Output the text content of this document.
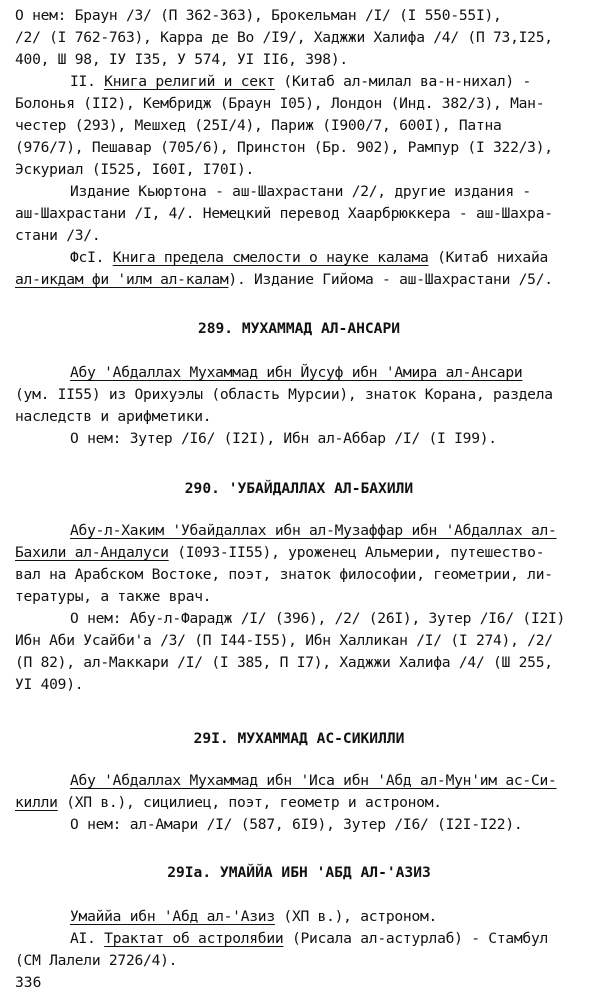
О нем: Браун /3/ (П 362-363), Брокельман /I/ (I 550-55I),
/2/ (I 762-763), Карра де Во /I9/, Хаджжи Халифа /4/ (П 73,I25,
400, Ш 98, IУ I35, У 574, УI II6, 398).
II. Книга религий и сект (Китаб ал-милал ва-н-ниxал) -
Болонья (II2), Кембридж (Браун I05), Лондон (Инд. 382/3), Ман-
честер (293), Мешхед (25I/4), Париж (I900/7, 600I), Патна
(976/7), Пешавар (705/6), Принстон (Бр. 902), Рампур (I 322/3),
Эскуриал (I525, I60I, I70I).
Издание Кьюртона - аш-Шахрастани /2/, другие издания -
аш-Шахрастани /I, 4/. Немецкий перевод Хаарбрюккера - аш-Шахра-
стани /3/.
ФсI. Книга предела смелости о науке калама (Китаб нихайа
ал-икдам фи 'илм ал-калам). Издание Гийома - аш-Шахрастани /5/.
289. МУХАММАД АЛ-АНСАРИ
Абу 'Абдаллах Мухаммад ибн Йусуф ибн 'Амира ал-Ансари
(ум. II55) из Орихуэлы (область Мурсии), знаток Корана, раздела
наследств и арифметики.
О нем: Зутер /I6/ (I2I), Ибн ал-Аббар /I/ (I I99).
290. 'УБАЙДАЛЛАХ АЛ-БАХИЛИ
Абу-л-Хаким 'Убайдаллах ибн ал-Музаффар ибн 'Абдаллах ал-
Бахили ал-Андалуси (I093-II55), уроженец Альмерии, путешество-
вал на Арабском Востоке, поэт, знаток философии, геометрии, ли-
тературы, а также врач.
О нем: Абу-л-Фарадж /I/ (396), /2/ (26I), Зутер /I6/ (I2I)
Ибн Аби Усайби'а /3/ (П I44-I55), Ибн Халликан /I/ (I 274), /2/
(П 82), ал-Маккари /I/ (I 385, П I7), Хаджжи Халифа /4/ (Ш 255,
УI 409).
29I. МУХАММАД АС-СИКИЛЛИ
Абу 'Абдаллах Мухаммад ибн 'Иса ибн 'Абд ал-Мун'им ас-Си-
килли (XП в.), сицилиец, поэт, геометр и астроном.
О нем: ал-Амари /I/ (587, 6I9), Зутер /I6/ (I2I-I22).
29Iа. УМАЙЙА ИБН 'АБД АЛ-'АЗИЗ
Умаййа ибн 'Абд ал-'Азиз (XП в.), астроном.
AI. Трактат об астролябии (Рисала ал-астурлаб) - Стамбул
(СМ Лалели 2726/4).
336
